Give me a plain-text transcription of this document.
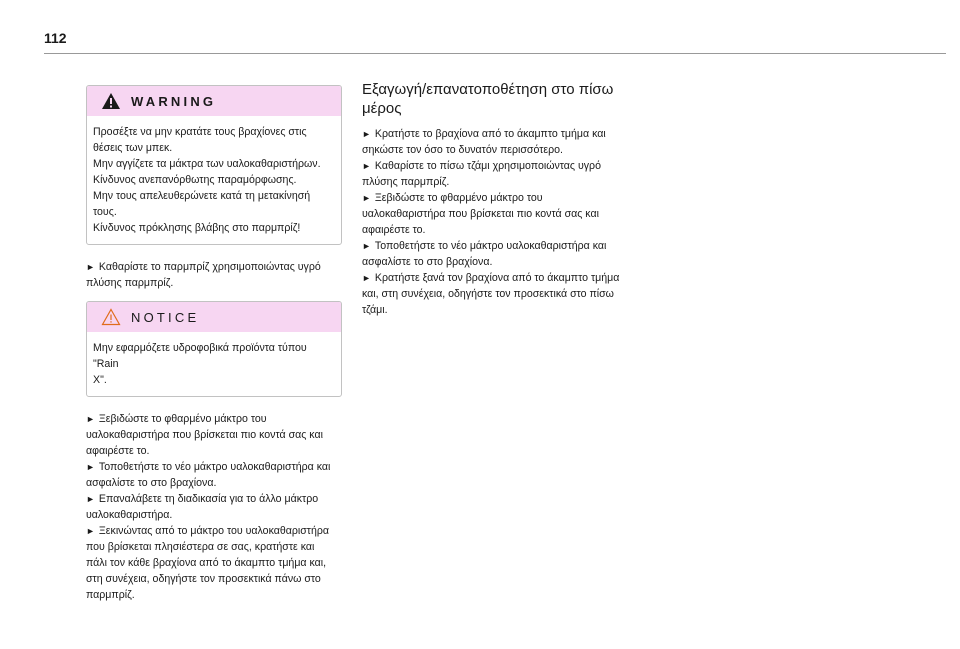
112
WARNING

Προσέξτε να μην κρατάτε τους βραχίονες στις

θέσεις των μπεκ.

Μην αγγίζετε τα μάκτρα των υαλοκαθαριστήρων.

Κίνδυνος ανεπανόρθωτης παραμόρφωσης.

Μην τους απελευθερώνετε κατά τη μετακίνησή τους.

Κίνδυνος πρόκλησης βλάβης στο παρμπρίζ!

► Καθαρίστε το παρμπρίζ χρησιμοποιώντας υγρό

πλύσης παρμπρίζ.

NOTICE

Μην εφαρμόζετε υδροφοβικά προϊόντα τύπου "Rain

X".

► Ξεβιδώστε το φθαρμένο μάκτρο του

υαλοκαθαριστήρα που βρίσκεται πιο κοντά σας και

αφαιρέστε το.

► Τοποθετήστε το νέο μάκτρο υαλοκαθαριστήρα και

ασφαλίστε το στο βραχίονα.

► Επαναλάβετε τη διαδικασία για το άλλο μάκτρο

υαλοκαθαριστήρα.

► Ξεκινώντας από το μάκτρο του υαλοκαθαριστήρα

που βρίσκεται πλησιέστερα σε σας, κρατήστε και

πάλι τον κάθε βραχίονα από το άκαμπτο τμήμα και,

στη συνέχεια, οδηγήστε τον προσεκτικά πάνω στο

παρμπρίζ.

Εξαγωγή/επανατοποθέτηση στο πίσω
μέρος

► Κρατήστε το βραχίονα από το άκαμπτο τμήμα και

σηκώστε τον όσο το δυνατόν περισσότερο.

► Καθαρίστε το πίσω τζάμι χρησιμοποιώντας υγρό

πλύσης παρμπρίζ.

► Ξεβιδώστε το φθαρμένο μάκτρο του

υαλοκαθαριστήρα που βρίσκεται πιο κοντά σας και

αφαιρέστε το.

► Τοποθετήστε το νέο μάκτρο υαλοκαθαριστήρα και

ασφαλίστε το στο βραχίονα.

► Κρατήστε ξανά τον βραχίονα από το άκαμπτο τμήμα

και, στη συνέχεια, οδηγήστε τον προσεκτικά στο πίσω

τζάμι.
